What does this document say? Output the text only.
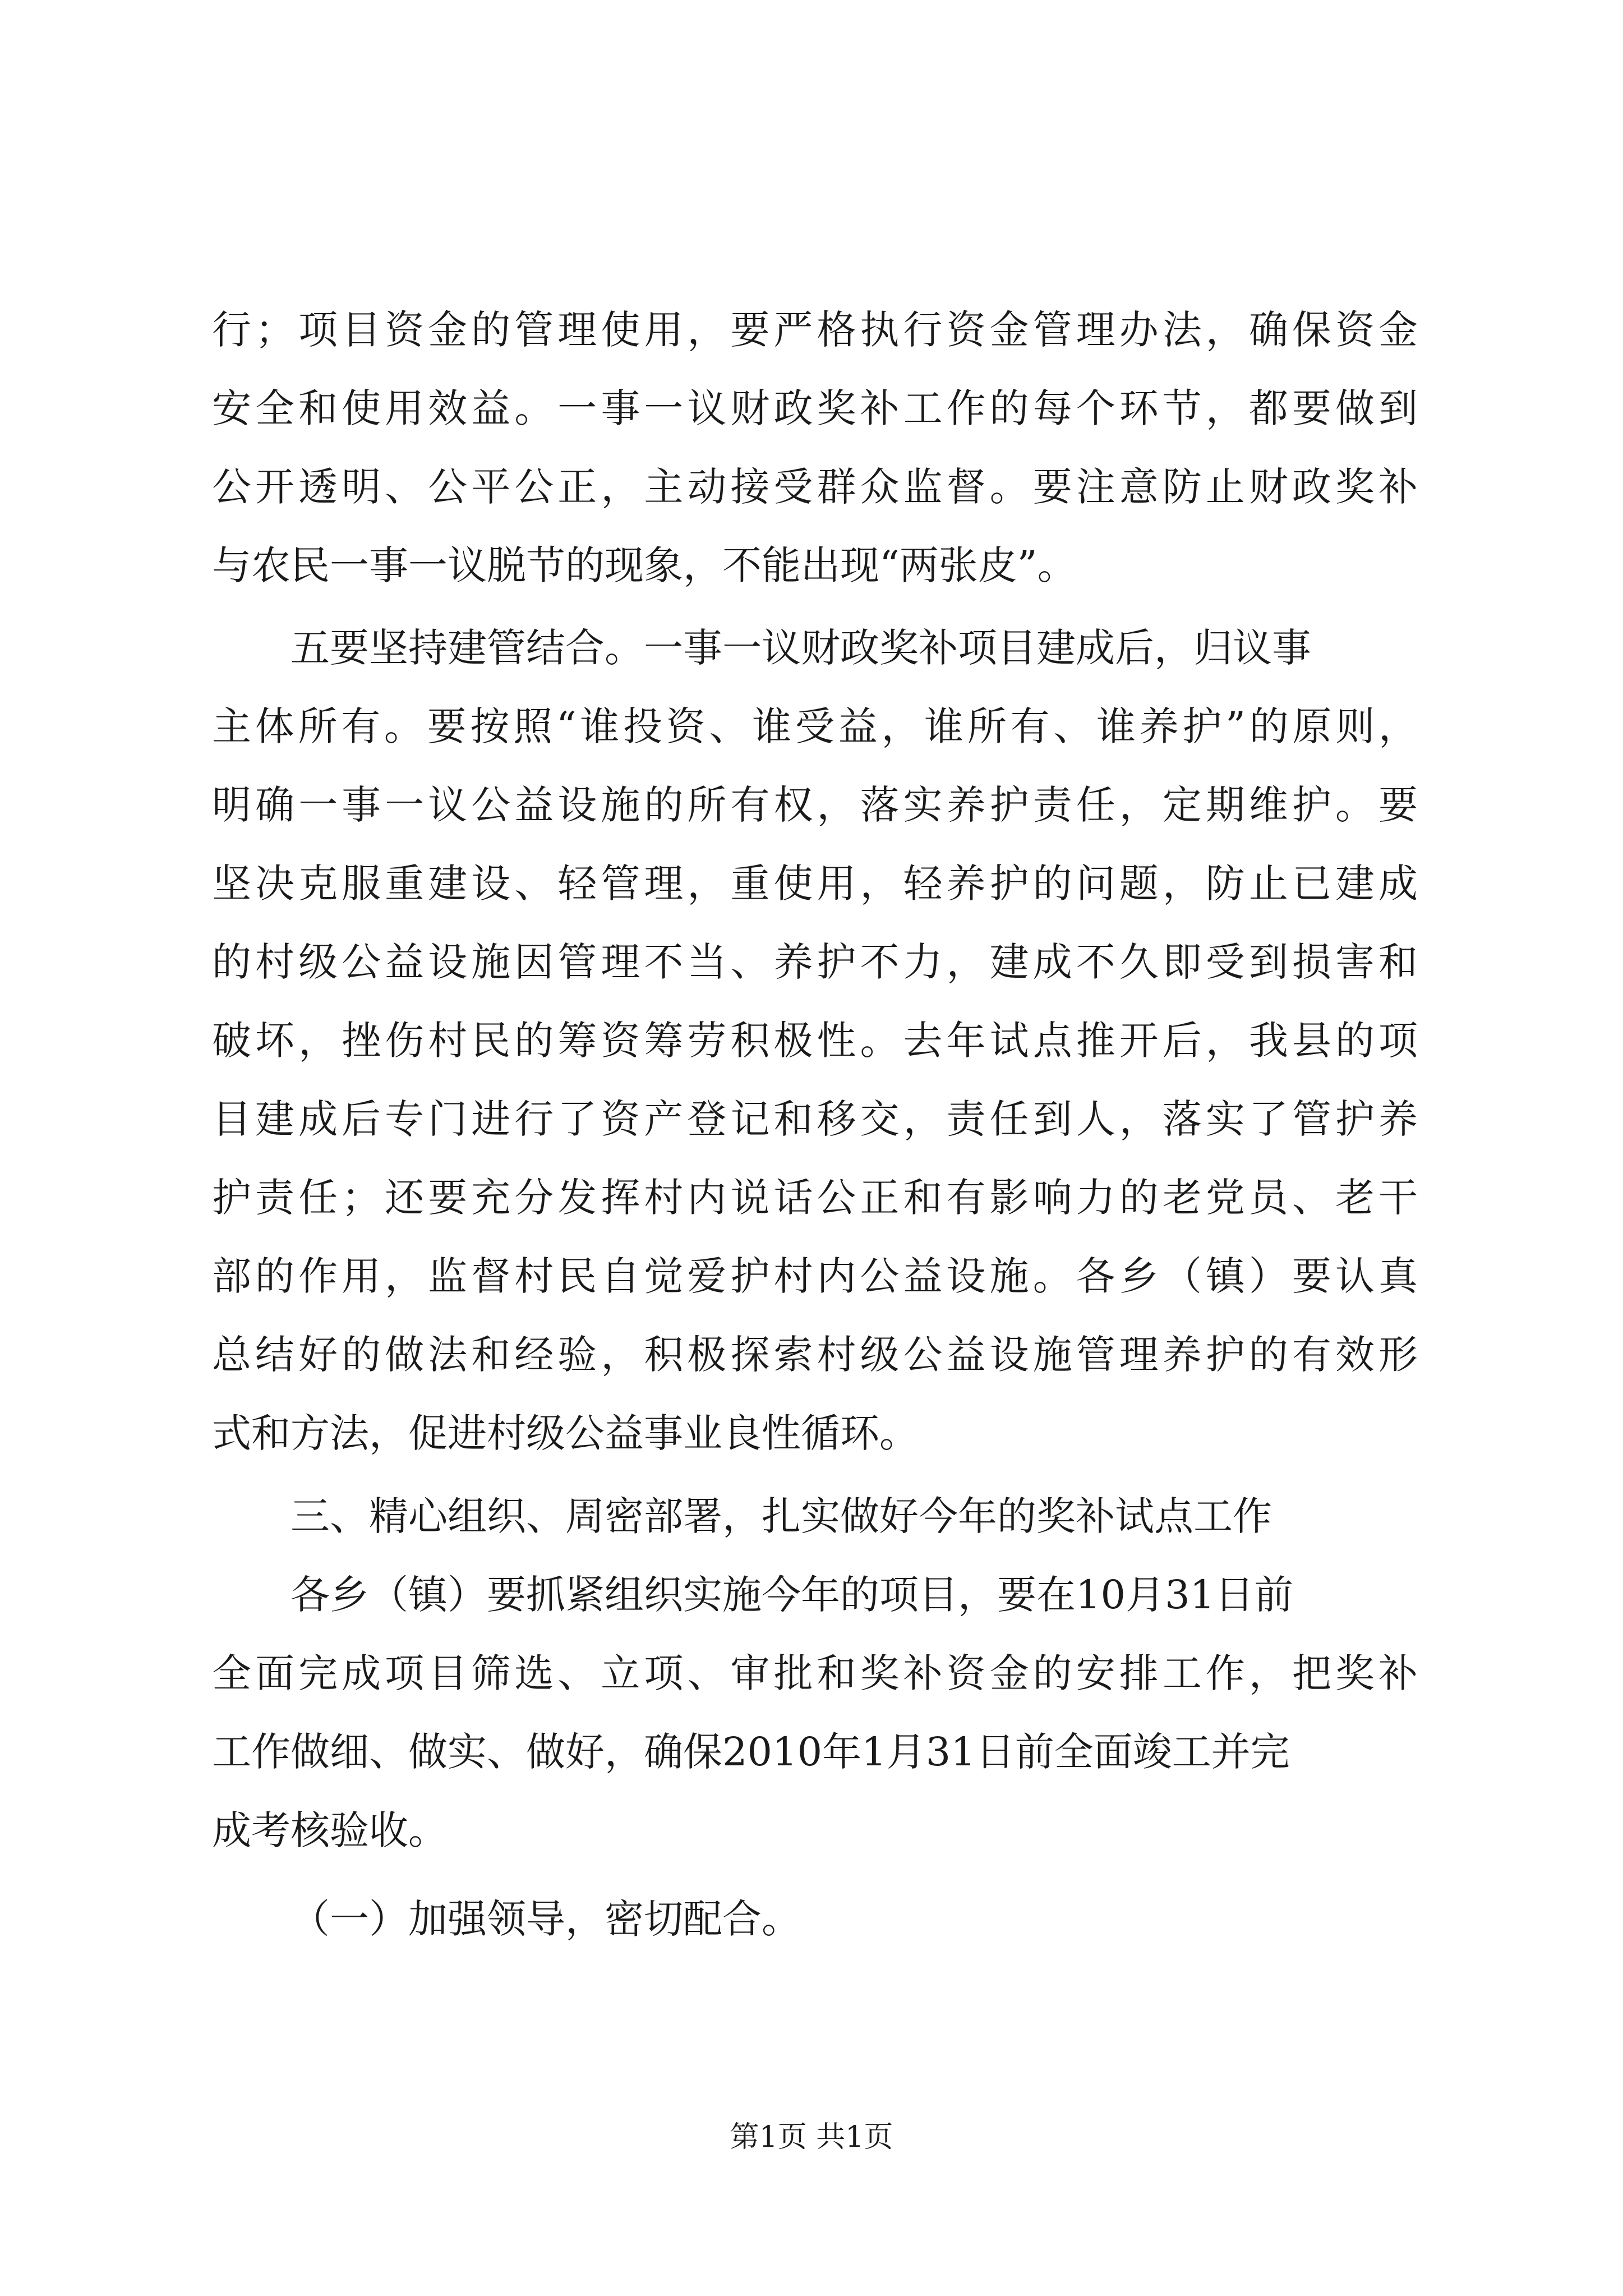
行；项目资金的管理使用，要严格执行资金管理办法，确保资金
安全和使用效益。一事一议财政奖补工作的每个环节，都要做到
公开透明、公平公正，主动接受群众监督。要注意防止财政奖补
与农民一事一议脱节的现象，不能出现“两张皮”。
五要坚持建管结合。一事一议财政奖补项目建成后，归议事
主体所有。要按照“谁投资、谁受益，谁所有、谁养护”的原则，
明确一事一议公益设施的所有权，落实养护责任，定期维护。要
坚决克服重建设、轻管理，重使用，轻养护的问题，防止已建成
的村级公益设施因管理不当、养护不力，建成不久即受到损害和
破坏，挫伤村民的筹资筹劳积极性。去年试点推开后，我县的项
目建成后专门进行了资产登记和移交，责任到人，落实了管护养
护责任；还要充分发挥村内说话公正和有影响力的老党员、老干
部的作用，监督村民自觉爱护村内公益设施。各乡（镇）要认真
总结好的做法和经验，积极探索村级公益设施管理养护的有效形
式和方法，促进村级公益事业良性循环。
三、精心组织、周密部署，扎实做好今年的奖补试点工作
各乡（镇）要抓紧组织实施今年的项目，要在10月31日前
全面完成项目筛选、立项、审批和奖补资金的安排工作，把奖补
工作做细、做实、做好，确保2010年1月31日前全面竣工并完
成考核验收。
（一）加强领导，密切配合。
第1页 共1页
